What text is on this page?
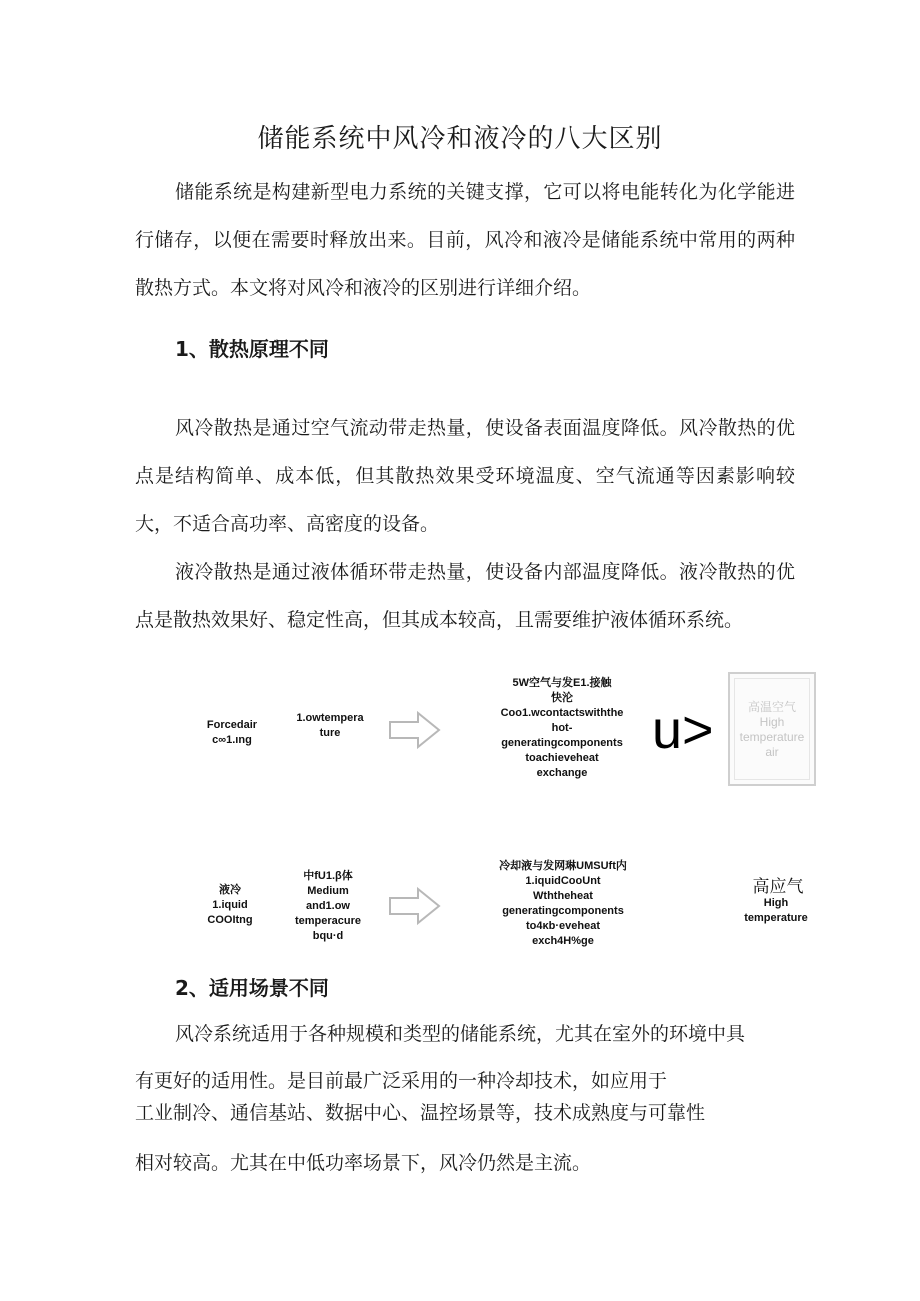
储能系统中风冷和液冷的八大区别

储能系统是构建新型电力系统的关键支撑，它可以将电能转化为化学能进行储存，以便在需要时释放出来。目前，风冷和液冷是储能系统中常用的两种散热方式。本文将对风冷和液冷的区别进行详细介绍。

1、散热原理不同

风冷散热是通过空气流动带走热量，使设备表面温度降低。风冷散热的优点是结构简单、成本低，但其散热效果受环境温度、空气流通等因素影响较大，不适合高功率、高密度的设备。

液冷散热是通过液体循环带走热量，使设备内部温度降低。液冷散热的优点是散热效果好、稳定性高，但其成本较高，且需要维护液体循环系统。

Forcedair
c∞1.ıng
1.owtempera
ture
5W空气与发E1.接触
快沦
Coo1.wcontactswiththe
hot-
generatingcomponents
toachieveheat
exchange
u>	高温空气
High
temperature
air
液冷
1.iquid
COOItng
中fU1.β体
Medium
and1.ow
temperacure
bqu·d
冷却液与发网琳UMSUft内
1.iquidCooUnt
Wththeheat
generatingcomponents
to4κb·eveheat
exch4H%ge
高应气
High
temperature
2、适用场景不同

风冷系统适用于各种规模和类型的储能系统，尤其在室外的环境中具

有更好的适用性。是目前最广泛采用的一种冷却技术，如应用于

工业制冷、通信基站、数据中心、温控场景等，技术成熟度与可靠性

相对较高。尤其在中低功率场景下，风冷仍然是主流。
